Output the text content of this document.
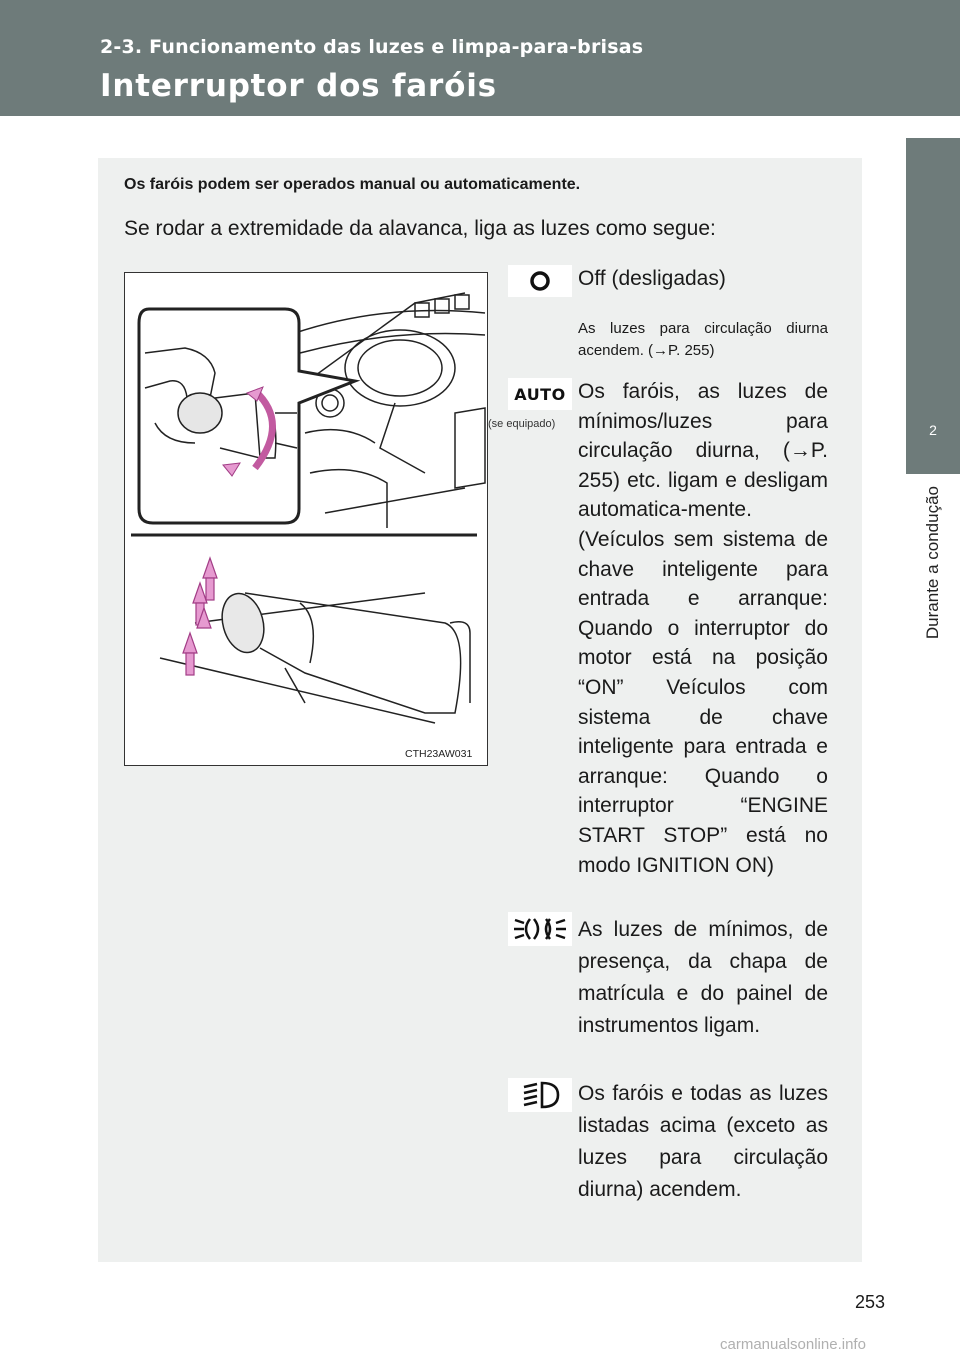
2-3. Funcionamento das luzes e limpa-para-brisas
Interruptor dos faróis
2
Durante a condução
Os faróis podem ser operados manual ou automaticamente.
Se rodar a extremidade da alavanca, liga as luzes como segue:
CTH23AW031
Off (desligadas)
As luzes para circulação diurna acendem. (→P. 255)
AUTO
(se equipado)
Os faróis, as luzes de mínimos/luzes para circulação diurna, (→P. 255) etc. ligam e desligam automatica-mente. (Veículos sem sistema de chave inteligente para entrada e arranque: Quando o interruptor do motor está na posição “ON” Veículos com sistema de chave inteligente para entrada e arranque: Quando o interruptor “ENGINE START STOP” está no modo IGNITION ON)
As luzes de mínimos, de presença, da chapa de matrícula e do painel de instrumentos ligam.
Os faróis e todas as luzes listadas acima (exceto as luzes para circulação diurna) acendem.
253
carmanualsonline.info
